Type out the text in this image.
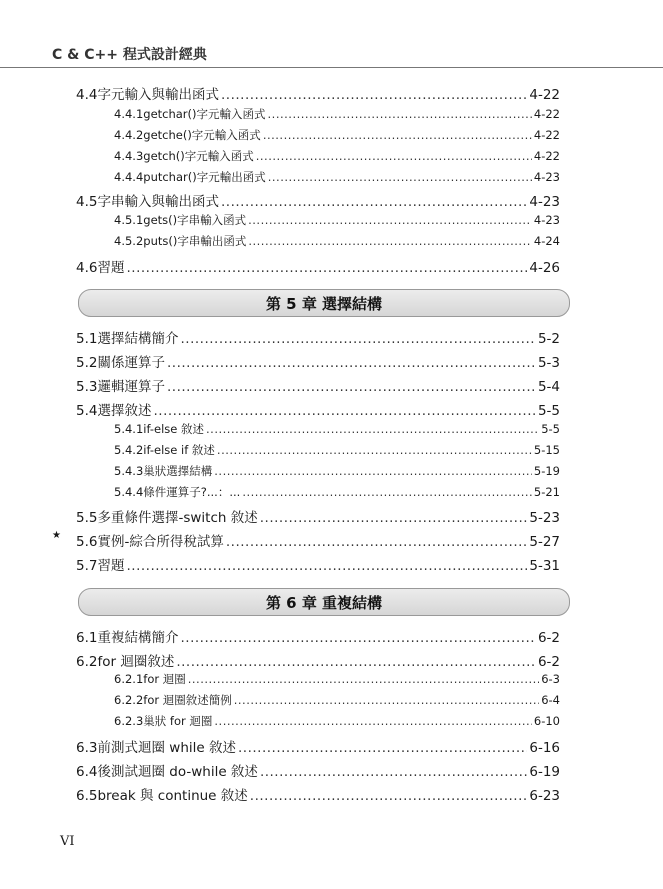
C & C++ 程式設計經典
4.4 字元輸入與輸出函式 .....	4-22
4.4.1 getchar()字元輸入函式 .....	4-22
4.4.2 getche()字元輸入函式 .....	4-22
4.4.3 getch()字元輸入函式 .....	4-22
4.4.4 putchar()字元輸出函式 .....	4-23
4.5 字串輸入與輸出函式 .....	4-23
4.5.1 gets()字串輸入函式 .....	4-23
4.5.2 puts()字串輸出函式 .....	4-24
4.6 習題 .....	4-26
5.1 選擇結構簡介 .....	5-2
5.2 關係運算子 .....	5-3
5.3 邏輯運算子 .....	5-4
5.4 選擇敘述 .....	5-5
5.4.1 if-else 敘述 .....	5-5
5.4.2 if-else if 敘述 .....	5-15
5.4.3 巢狀選擇結構 .....	5-19
5.4.4 條件運算子?...：... .....	5-21
5.5 多重條件選擇-switch 敘述 .....	5-23
★	5.6 實例-綜合所得稅試算 .....	5-27
5.7 習題 .....	5-31
6.1 重複結構簡介 .....	6-2
6.2 for 迴圈敘述 .....	6-2
6.2.1 for 迴圈 .....	6-3
6.2.2 for 迴圈敘述簡例 .....	6-4
6.2.3 巢狀 for 迴圈 .....	6-10
6.3 前測式迴圈 while 敘述 .....	6-16
6.4 後測試迴圈 do-while 敘述 .....	6-19
6.5 break 與 continue 敘述 .....	6-23
第 5 章 選擇結構
第 6 章 重複結構
VI
